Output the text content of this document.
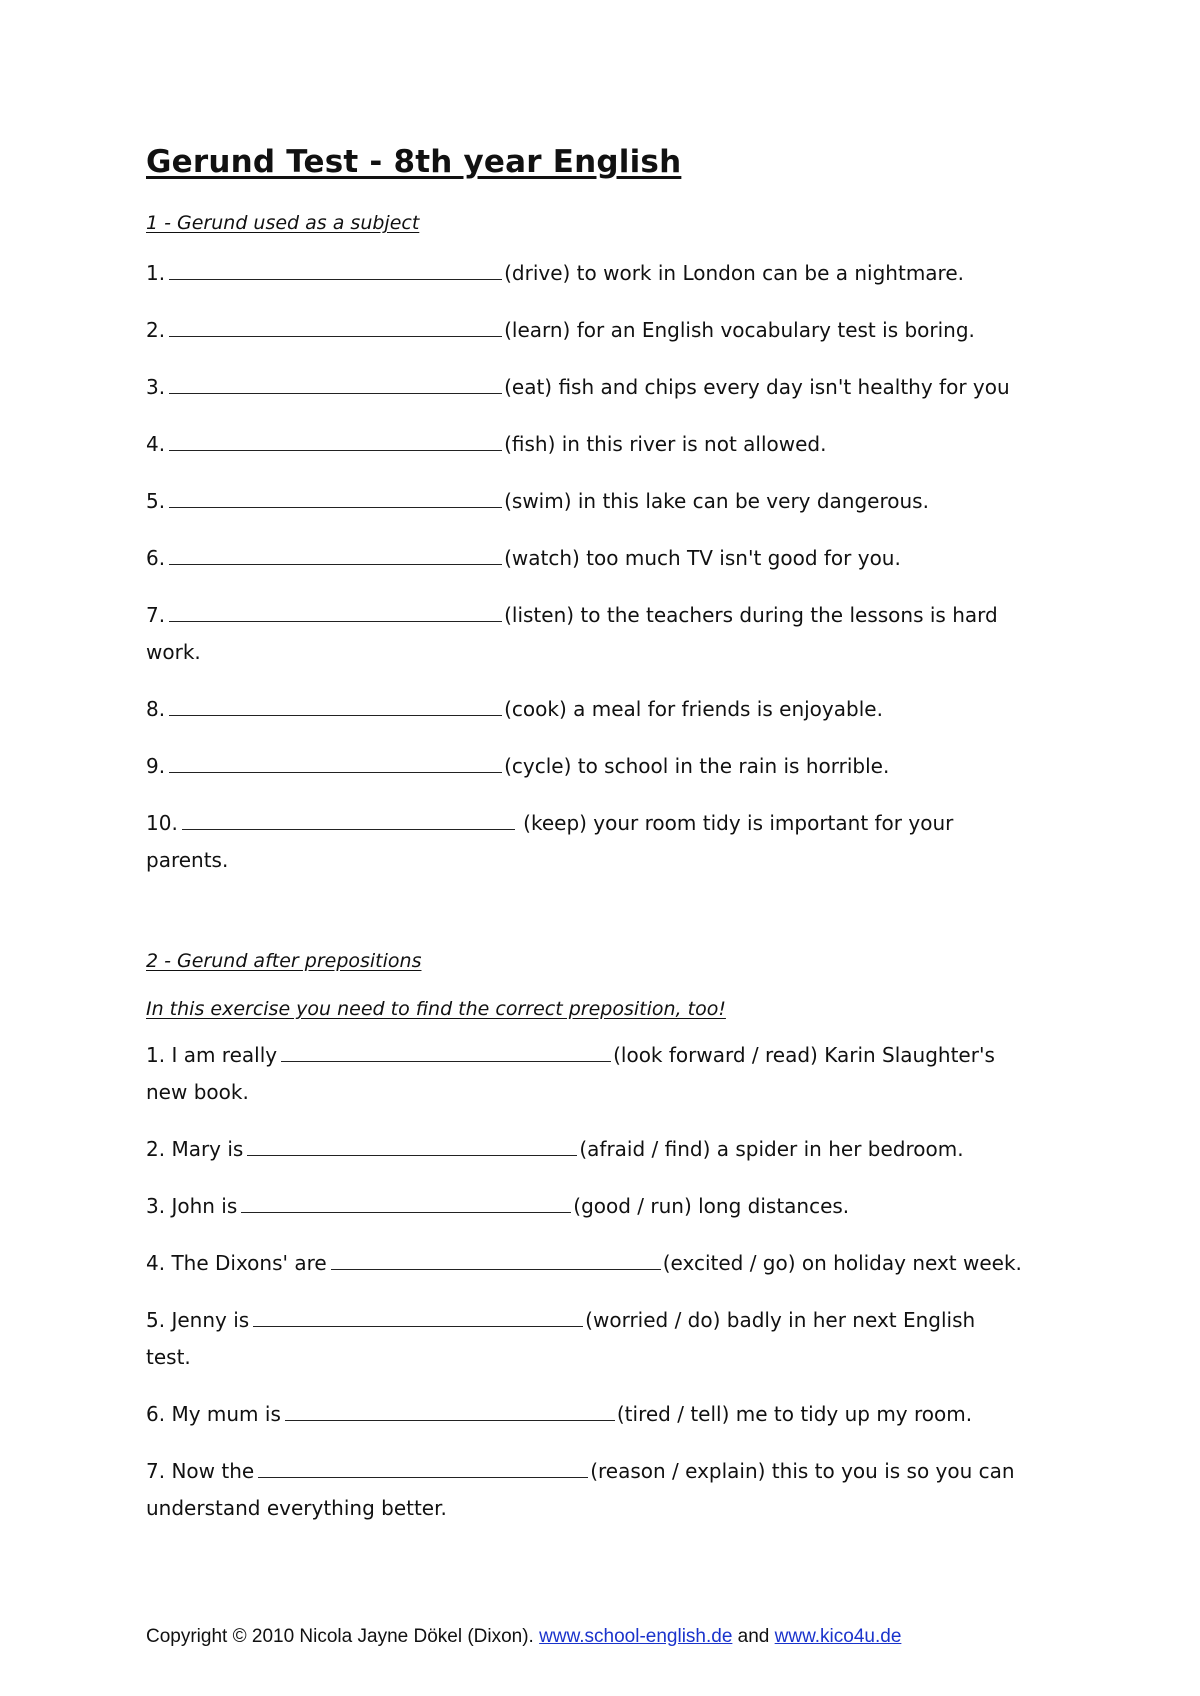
Gerund Test - 8th year English

1 - Gerund used as a subject

1.	(drive) to work in London can be a nightmare.

2.	(learn) for an English vocabulary test is boring.

3.	(eat) fish and chips every day isn't healthy for you

4.	(fish) in this river is not allowed.

5.	(swim) in this lake can be very dangerous.

6.	(watch) too much TV isn't good for you.

7.	(listen) to the teachers during the lessons is hard
work.

8.	(cook) a meal for friends is enjoyable.

9.	(cycle) to school in the rain is horrible.

10.	(keep) your room tidy is important for your
parents.

2 - Gerund after prepositions

In this exercise you need to find the correct preposition, too!

1. I am really	(look forward / read) Karin Slaughter's
new book.

2. Mary is	(afraid / find) a spider in her bedroom.

3. John is	(good / run) long distances.

4. The Dixons' are	(excited / go) on holiday next week.

5. Jenny is	(worried / do) badly in her next English
test.

6. My mum is	(tired / tell) me to tidy up my room.

7. Now the	(reason / explain) this to you is so you can
understand everything better.

Copyright © 2010 Nicola Jayne Dökel (Dixon). www.school-english.de and www.kico4u.de
